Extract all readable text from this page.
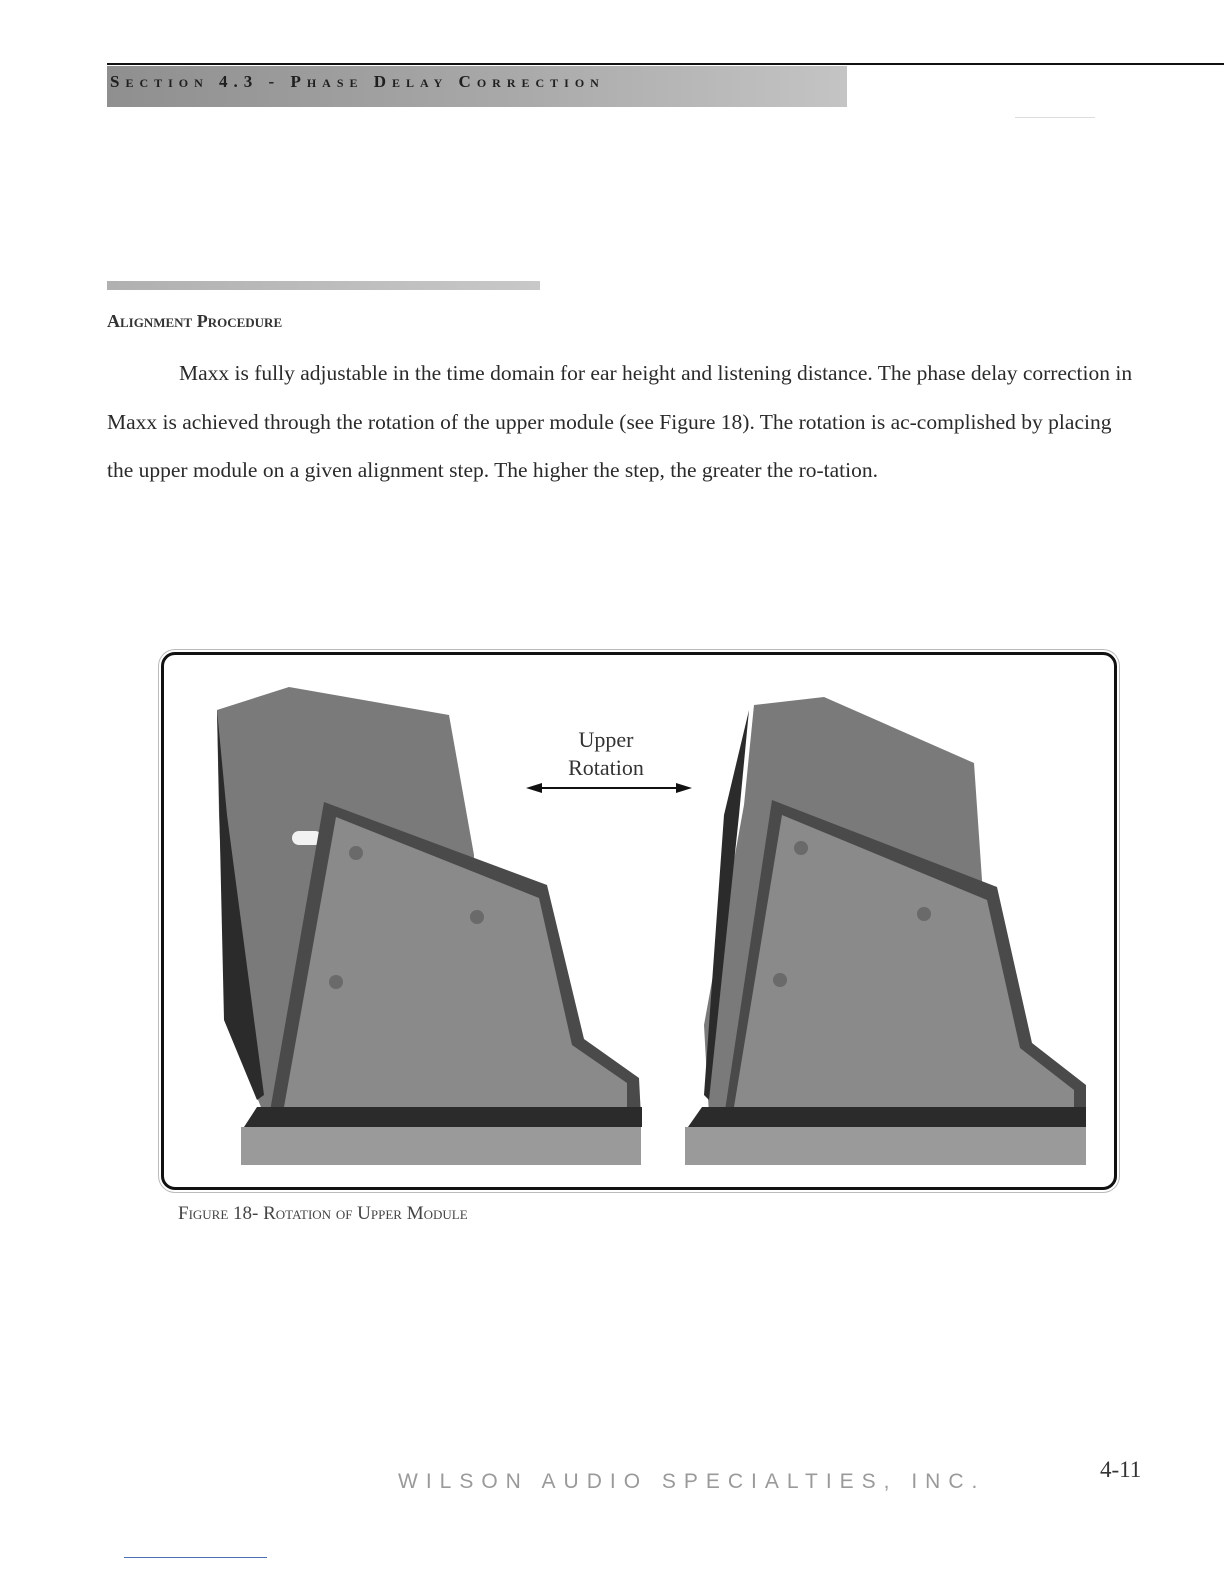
Section 4.3 - Phase Delay Correction
Alignment Procedure

Maxx is fully adjustable in the time domain for ear height and listening distance. The phase delay correction in Maxx is achieved through the rotation of the upper module (see Figure 18). The rotation is ac-complished by placing the upper module on a given alignment step. The higher the step, the greater the ro-tation.

Upper
Rotation
Figure 18- Rotation of Upper Module
WILSON AUDIO SPECIALTIES, INC.	4-11
